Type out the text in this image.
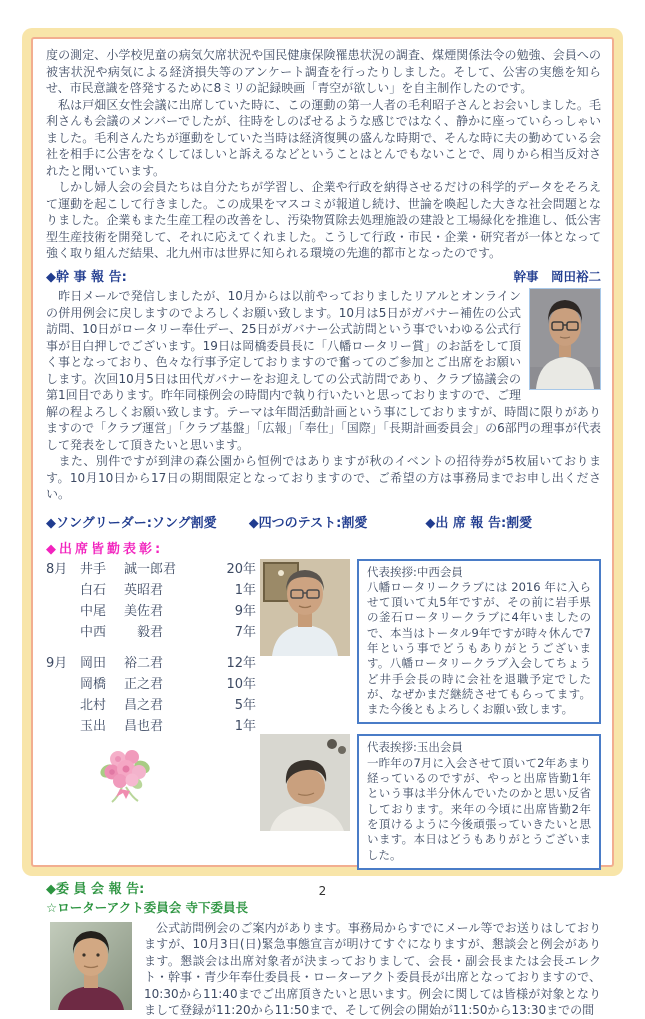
度の測定、小学校児童の病気欠席状況や国民健康保険罹患状況の調査、煤煙関係法令の勉強、会員への被害状況や病気による経済損失等のアンケート調査を行ったりしました。そして、公害の実態を知らせ、市民意識を啓発するために8ミリの記録映画「青空が欲しい」を自主制作したのです。

　私は戸畑区女性会議に出席していた時に、この運動の第一人者の毛利昭子さんとお会いしました。毛利さんも会議のメンバーでしたが、往時をしのばせるような感じではなく、静かに座っていらっしゃいました。毛利さんたちが運動をしていた当時は経済復興の盛んな時期で、そんな時に夫の勤めている会社を相手に公害をなくしてほしいと訴えるなどということはとんでもないことで、周りから相当反対されたと聞いています。

　しかし婦人会の会員たちは自分たちが学習し、企業や行政を納得させるだけの科学的データをそろえて運動を起こして行きました。この成果をマスコミが報道し続け、世論を喚起した大きな社会問題となりました。企業もまた生産工程の改善をし、汚染物質除去処理施設の建設と工場緑化を推進し、低公害型生産技術を開発して、それに応えてくれました。こうして行政・市民・企業・研究者が一体となって強く取り組んだ結果、北九州市は世界に知られる環境の先進的都市となったのです。

◆幹 事 報 告:	幹事　岡田裕二

　昨日メールで発信しましたが、10月からは以前やっておりましたリアルとオンラインの併用例会に戻しますのでよろしくお願い致します。10月は5日がガバナー補佐の公式訪問、10日がロータリー奉仕デー、25日がガバナー公式訪問という事でいわゆる公式行事が目白押しでございます。19日は岡橋委員長に「八幡ロータリー賞」のお話をして頂く事となっており、色々な行事予定しておりますので奮ってのご参加とご出席をお願いします。次回10月5日は田代ガバナーをお迎えしての公式訪問であり、クラブ協議会の第1回目であります。昨年同様例会の時間内で執り行いたいと思っておりますので、ご理解の程よろしくお願い致します。テーマは年間活動計画という事にしておりますが、時間に限りがありますので「クラブ運営」「クラブ基盤」「広報」「奉仕」「国際」「長期計画委員会」の6部門の理事が代表して発表をして頂きたいと思います。

　また、別件ですが到津の森公園から恒例ではありますが秋のイベントの招待券が5枚届いております。10月10日から17日の期間限定となっておりますので、ご希望の方は事務局までお申し出ください。

◆ソングリーダー:ソング割愛 ◆四つのテスト:割愛	◆出 席 報 告:割愛
◆出席皆勤表彰:
8月 井手	誠一郎君	20年
白石	英昭君	1年
中尾	美佐君	9年
中西	　毅君	7年
9月 岡田	裕二君	12年
岡橋	正之君	10年
北村	昌之君	5年
玉出	昌也君	1年
代表挨拶:中西会員
八幡ロータリークラブには 2016 年に入らせて頂いて丸5年ですが、その前に岩手県の釜石ロータリークラブに4年いましたので、本当はトータル9年ですが時々休んで7年という事でどうもありがとうございます。八幡ロータリークラブ入会してちょうど井手会長の時に会社を退職予定でしたが、なぜかまだ継続させてもらってます。また今後ともよろしくお願い致します。
代表挨拶:玉出会員
一昨年の7月に入会させて頂いて2年あまり経っているのですが、やっと出席皆勤1年という事は半分休んでいたのかと思い反省しております。来年の今頃に出席皆勤2年を頂けるように今後頑張っていきたいと思います。本日はどうもありがとうございました。
◆委 員 会 報 告:
☆ローターアクト委員会 寺下委員長
　公式訪問例会のご案内があります。事務局からすでにメール等でお送りはしておりますが、10月3日(日)緊急事態宣言が明けてすぐになりますが、懇談会と例会があります。懇談会は出席対象者が決まっておりまして、会長・副会長または会長エレクト・幹事・青少年奉仕委員長・ローターアクト委員長が出席となっておりますので、10:30から11:40までご出席頂きたいと思います。例会に関しては皆様が対象となりまして登録が11:20から11:50まで、そして例会の開始が11:50から13:30までの間
2
